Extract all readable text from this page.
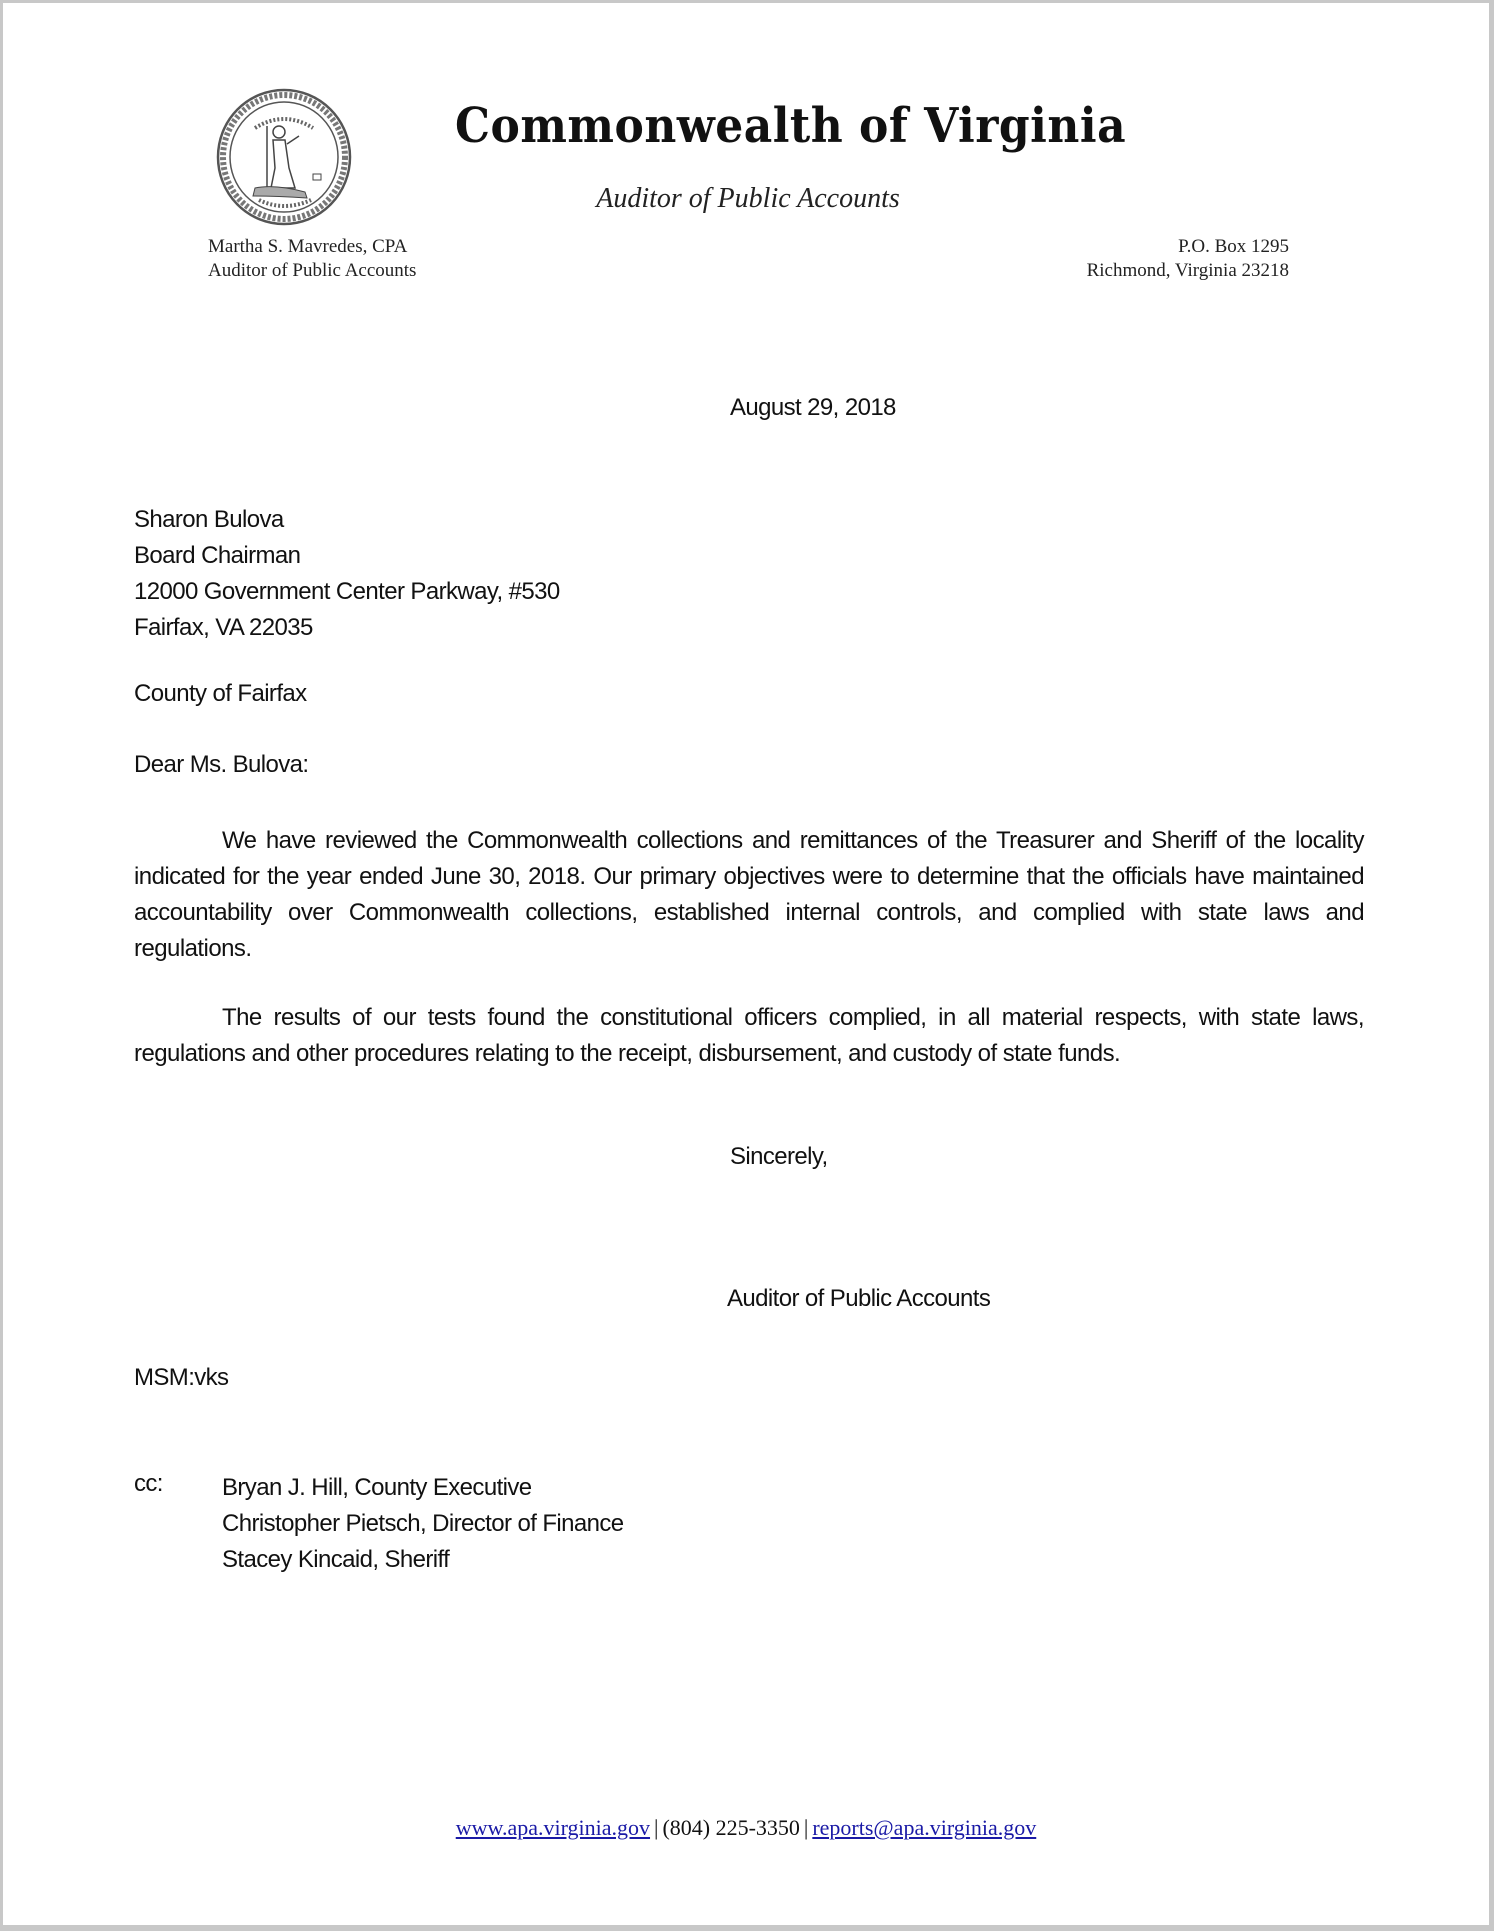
Commonwealth of Virginia
Auditor of Public Accounts
Martha S. Mavredes, CPA
Auditor of Public Accounts
P.O. Box 1295
Richmond, Virginia 23218
August 29, 2018
Sharon Bulova
Board Chairman
12000 Government Center Parkway, #530
Fairfax, VA 22035
County of Fairfax
Dear Ms. Bulova:
We have reviewed the Commonwealth collections and remittances of the Treasurer and Sheriff of the locality indicated for the year ended June 30, 2018. Our primary objectives were to determine that the officials have maintained accountability over Commonwealth collections, established internal controls, and complied with state laws and regulations.
The results of our tests found the constitutional officers complied, in all material respects, with state laws, regulations and other procedures relating to the receipt, disbursement, and custody of state funds.
Sincerely,
Auditor of Public Accounts
MSM:vks
cc: Bryan J. Hill, County Executive
Christopher Pietsch, Director of Finance
Stacey Kincaid, Sheriff
www.apa.virginia.gov | (804) 225-3350 | reports@apa.virginia.gov
